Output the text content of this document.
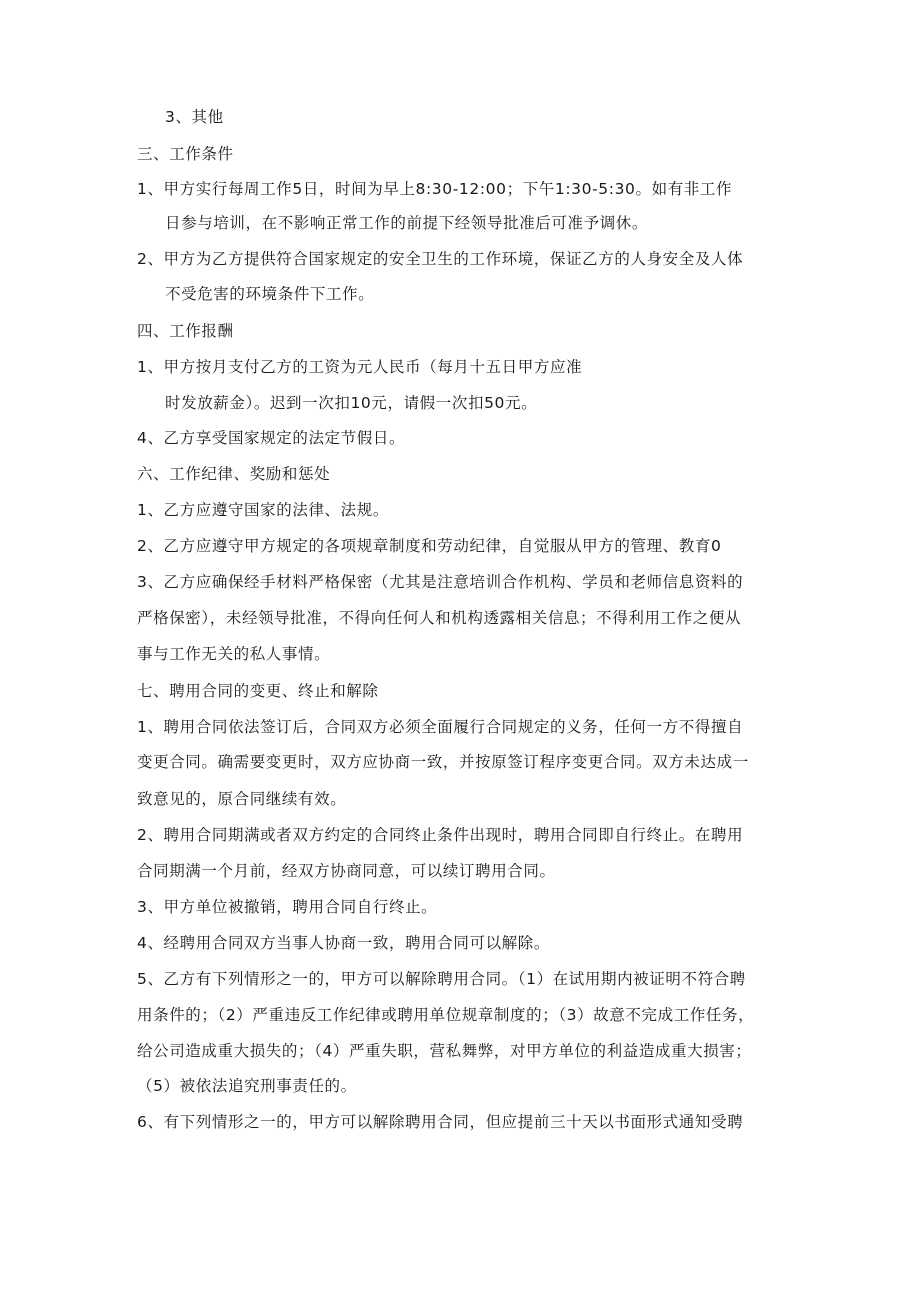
3、其他
三、工作条件
1、甲方实行每周工作5日，时间为早上8:30-12:00；下午1:30-5:30。如有非工作
日参与培训，在不影响正常工作的前提下经领导批准后可准予调休。
2、甲方为乙方提供符合国家规定的安全卫生的工作环境，保证乙方的人身安全及人体
不受危害的环境条件下工作。
四、工作报酬
1、甲方按月支付乙方的工资为元人民币（每月十五日甲方应准
时发放薪金）。迟到一次扣10元，请假一次扣50元。
4、乙方享受国家规定的法定节假日。
六、工作纪律、奖励和惩处
1、乙方应遵守国家的法律、法规。
2、乙方应遵守甲方规定的各项规章制度和劳动纪律，自觉服从甲方的管理、教育0
3、乙方应确保经手材料严格保密（尤其是注意培训合作机构、学员和老师信息资料的
严格保密），未经领导批准，不得向任何人和机构透露相关信息；不得利用工作之便从
事与工作无关的私人事情。
七、聘用合同的变更、终止和解除
1、聘用合同依法签订后，合同双方必须全面履行合同规定的义务，任何一方不得擅自
变更合同。确需要变更时，双方应协商一致，并按原签订程序变更合同。双方未达成一
致意见的，原合同继续有效。
2、聘用合同期满或者双方约定的合同终止条件出现时，聘用合同即自行终止。在聘用
合同期满一个月前，经双方协商同意，可以续订聘用合同。
3、甲方单位被撤销，聘用合同自行终止。
4、经聘用合同双方当事人协商一致，聘用合同可以解除。
5、乙方有下列情形之一的，甲方可以解除聘用合同。（1）在试用期内被证明不符合聘
用条件的；（2）严重违反工作纪律或聘用单位规章制度的；（3）故意不完成工作任务，
给公司造成重大损失的；（4）严重失职，营私舞弊，对甲方单位的利益造成重大损害；
（5）被依法追究刑事责任的。
6、有下列情形之一的，甲方可以解除聘用合同，但应提前三十天以书面形式通知受聘
